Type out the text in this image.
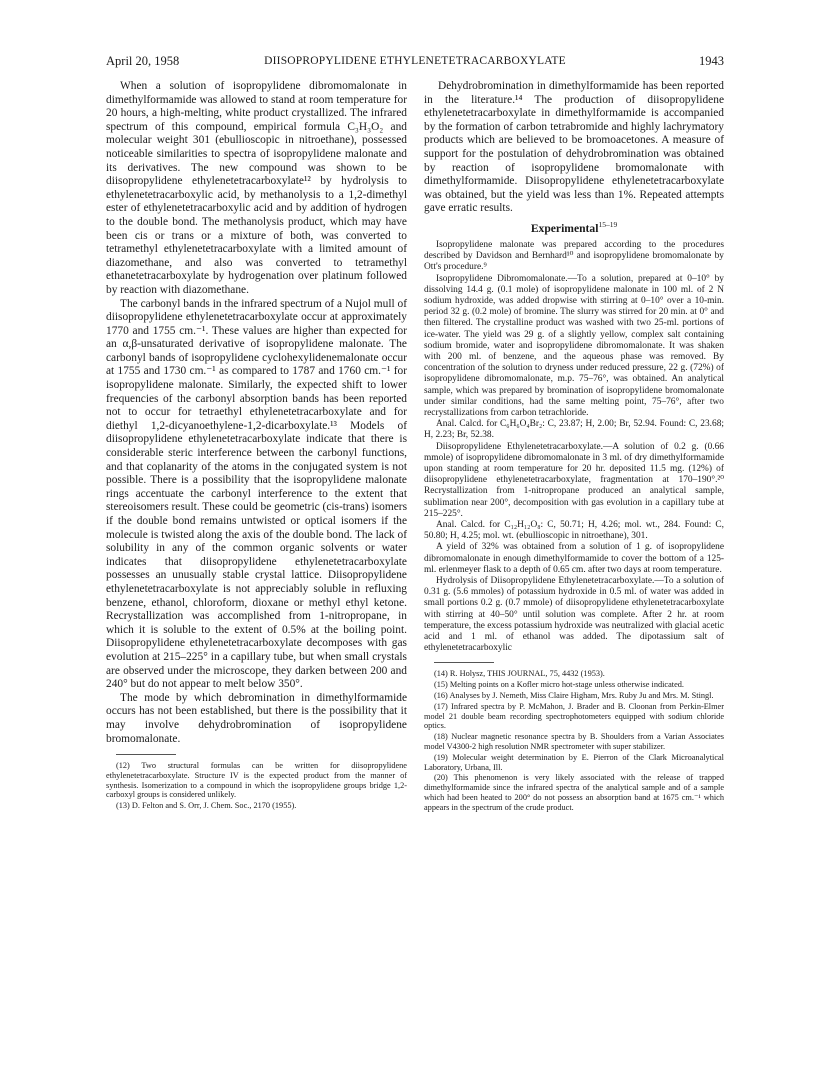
April 20, 1958	DIISOPROPYLIDENE ETHYLENETETRACARBOXYLATE	1943

When a solution of isopropylidene dibromomalonate in dimethylformamide was allowed to stand at room temperature for 20 hours, a high-melting, white product crystallized. The infrared spectrum of this compound, empirical formula C₃H₃O₂ and molecular weight 301 (ebullioscopic in nitroethane), possessed noticeable similarities to spectra of isopropylidene malonate and its derivatives. The new compound was shown to be diisopropylidene ethylenetetracarboxylate¹² by hydrolysis to ethylenetetracarboxylic acid, by methanolysis to a 1,2-dimethyl ester of ethylenetetracarboxylic acid and by addition of hydrogen to the double bond. The methanolysis product, which may have been cis or trans or a mixture of both, was converted to tetramethyl ethylenetetracarboxylate with a limited amount of diazomethane, and also was converted to tetramethyl ethanetetracarboxylate by hydrogenation over platinum followed by reaction with diazomethane.

The carbonyl bands in the infrared spectrum of a Nujol mull of diisopropylidene ethylenetetracarboxylate occur at approximately 1770 and 1755 cm.⁻¹. These values are higher than expected for an α,β-unsaturated derivative of isopropylidene malonate. The carbonyl bands of isopropylidene cyclohexylidenemalonate occur at 1755 and 1730 cm.⁻¹ as compared to 1787 and 1760 cm.⁻¹ for isopropylidene malonate. Similarly, the expected shift to lower frequencies of the carbonyl absorption bands has been reported not to occur for tetraethyl ethylenetetracarboxylate and for diethyl 1,2-dicyanoethylene-1,2-dicarboxylate.¹³ Models of diisopropylidene ethylenetetracarboxylate indicate that there is considerable steric interference between the carbonyl functions, and that coplanarity of the atoms in the conjugated system is not possible. There is a possibility that the isopropylidene malonate rings accentuate the carbonyl interference to the extent that stereoisomers result. These could be geometric (cis-trans) isomers if the double bond remains untwisted or optical isomers if the molecule is twisted along the axis of the double bond. The lack of solubility in any of the common organic solvents or water indicates that diisopropylidene ethylenetetracarboxylate possesses an unusually stable crystal lattice. Diisopropylidene ethylenetetracarboxylate is not appreciably soluble in refluxing benzene, ethanol, chloroform, dioxane or methyl ethyl ketone. Recrystallization was accomplished from 1-nitropropane, in which it is soluble to the extent of 0.5% at the boiling point. Diisopropylidene ethylenetetracarboxylate decomposes with gas evolution at 215–225° in a capillary tube, but when small crystals are observed under the microscope, they darken between 200 and 240° but do not appear to melt below 350°.

The mode by which debromination in dimethylformamide occurs has not been established, but there is the possibility that it may involve dehydrobromination of isopropylidene bromomalonate.

(12) Two structural formulas can be written for diisopropylidene ethylenetetracarboxylate. Structure IV is the expected product from the manner of synthesis. Isomerization to a compound in which the isopropylidene groups bridge 1,2-carboxyl groups is considered unlikely.

(13) D. Felton and S. Orr, J. Chem. Soc., 2170 (1955).

Dehydrobromination in dimethylformamide has been reported in the literature.¹⁴ The production of diisopropylidene ethylenetetracarboxylate in dimethylformamide is accompanied by the formation of carbon tetrabromide and highly lachrymatory products which are believed to be bromoacetones. A measure of support for the postulation of dehydrobromination was obtained by reaction of isopropylidene bromomalonate with dimethylformamide. Diisopropylidene ethylenetetracarboxylate was obtained, but the yield was less than 1%. Repeated attempts gave erratic results.

Experimental$^{15-19}$

Isopropylidene malonate was prepared according to the procedures described by Davidson and Bernhard¹⁰ and isopropylidene bromomalonate by Ott's procedure.⁹

Isopropylidene Dibromomalonate.—To a solution, prepared at 0–10° by dissolving 14.4 g. (0.1 mole) of isopropylidene malonate in 100 ml. of 2 N sodium hydroxide, was added dropwise with stirring at 0–10° over a 10-min. period 32 g. (0.2 mole) of bromine. The slurry was stirred for 20 min. at 0° and then filtered. The crystalline product was washed with two 25-ml. portions of ice-water. The yield was 29 g. of a slightly yellow, complex salt containing sodium bromide, water and isopropylidene dibromomalonate. It was shaken with 200 ml. of benzene, and the aqueous phase was removed. By concentration of the solution to dryness under reduced pressure, 22 g. (72%) of isopropylidene dibromomalonate, m.p. 75–76°, was obtained. An analytical sample, which was prepared by bromination of isopropylidene bromomalonate under similar conditions, had the same melting point, 75–76°, after two recrystallizations from carbon tetrachloride.

Anal. Calcd. for C₆H₆O₄Br₂: C, 23.87; H, 2.00; Br, 52.94. Found: C, 23.68; H, 2.23; Br, 52.38.

Diisopropylidene Ethylenetetracarboxylate.—A solution of 0.2 g. (0.66 mmole) of isopropylidene dibromomalonate in 3 ml. of dry dimethylformamide upon standing at room temperature for 20 hr. deposited 11.5 mg. (12%) of diisopropylidene ethylenetetracarboxylate, fragmentation at 170–190°.²⁰ Recrystallization from 1-nitropropane produced an analytical sample, sublimation near 200°, decomposition with gas evolution in a capillary tube at 215–225°.

Anal. Calcd. for C₁₂H₁₂O₈: C, 50.71; H, 4.26; mol. wt., 284. Found: C, 50.80; H, 4.25; mol. wt. (ebullioscopic in nitroethane), 301.

A yield of 32% was obtained from a solution of 1 g. of isopropylidene dibromomalonate in enough dimethylformamide to cover the bottom of a 125-ml. erlenmeyer flask to a depth of 0.65 cm. after two days at room temperature.

Hydrolysis of Diisopropylidene Ethylenetetracarboxylate.—To a solution of 0.31 g. (5.6 mmoles) of potassium hydroxide in 0.5 ml. of water was added in small portions 0.2 g. (0.7 mmole) of diisopropylidene ethylenetetracarboxylate with stirring at 40–50° until solution was complete. After 2 hr. at room temperature, the excess potassium hydroxide was neutralized with glacial acetic acid and 1 ml. of ethanol was added. The dipotassium salt of ethylenetetracarboxylic

(14) R. Holysz, THIS JOURNAL, 75, 4432 (1953).

(15) Melting points on a Kofler micro hot-stage unless otherwise indicated.

(16) Analyses by J. Nemeth, Miss Claire Higham, Mrs. Ruby Ju and Mrs. M. Stingl.

(17) Infrared spectra by P. McMahon, J. Brader and B. Cloonan from Perkin-Elmer model 21 double beam recording spectrophotometers equipped with sodium chloride optics.

(18) Nuclear magnetic resonance spectra by B. Shoulders from a Varian Associates model V4300-2 high resolution NMR spectrometer with super stabilizer.

(19) Molecular weight determination by E. Pierron of the Clark Microanalytical Laboratory, Urbana, Ill.

(20) This phenomenon is very likely associated with the release of trapped dimethylformamide since the infrared spectra of the analytical sample and of a sample which had been heated to 200° do not possess an absorption band at 1675 cm.⁻¹ which appears in the spectrum of the crude product.
